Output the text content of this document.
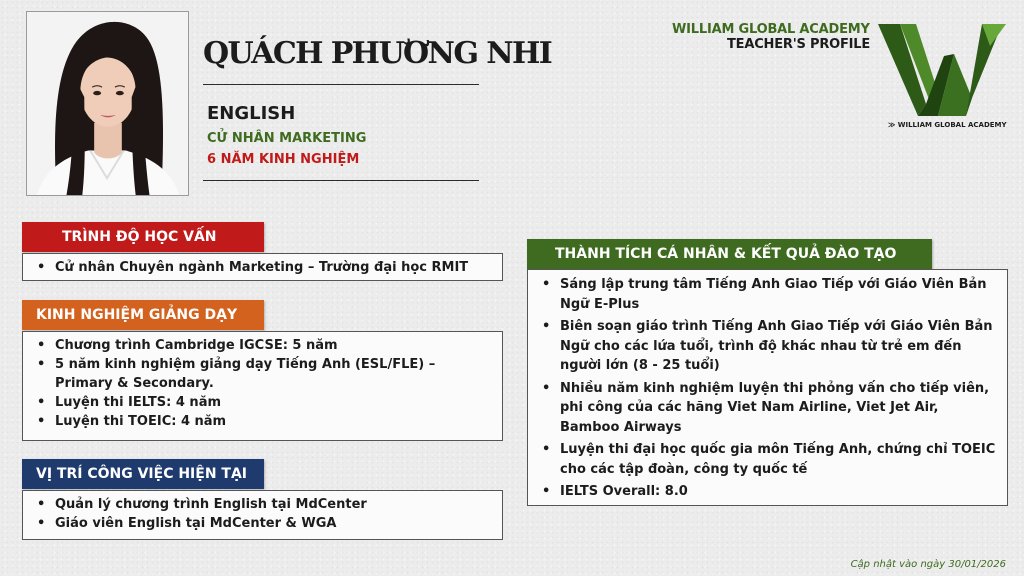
QUÁCH PHƯƠNG NHI
ENGLISH
CỬ NHÂN MARKETING
6 NĂM KINH NGHIỆM
WILLIAM GLOBAL ACADEMY
TEACHER'S PROFILE
≫ WILLIAM GLOBAL ACADEMY
TRÌNH ĐỘ HỌC VẤN
• Cử nhân Chuyên ngành Marketing – Trường đại học RMIT
KINH NGHIỆM GIẢNG DẠY
• Chương trình Cambridge IGCSE: 5 năm
• 5 năm kinh nghiệm giảng dạy Tiếng Anh (ESL/FLE) – Primary & Secondary.
• Luyện thi IELTS: 4 năm
• Luyện thi TOEIC: 4 năm
VỊ TRÍ CÔNG VIỆC HIỆN TẠI
• Quản lý chương trình English tại MdCenter
• Giáo viên English tại MdCenter & WGA
THÀNH TÍCH CÁ NHÂN & KẾT QUẢ ĐÀO TẠO
• Sáng lập trung tâm Tiếng Anh Giao Tiếp với Giáo Viên Bản Ngữ E-Plus
• Biên soạn giáo trình Tiếng Anh Giao Tiếp với Giáo Viên Bản Ngữ cho các lứa tuổi, trình độ khác nhau từ trẻ em đến người lớn (8 - 25 tuổi)
• Nhiều năm kinh nghiệm luyện thi phỏng vấn cho tiếp viên, phi công của các hãng Viet Nam Airline, Viet Jet Air, Bamboo Airways
• Luyện thi đại học quốc gia môn Tiếng Anh, chứng chỉ TOEIC cho các tập đoàn, công ty quốc tế
• IELTS Overall: 8.0
Cập nhật vào ngày 30/01/2026
